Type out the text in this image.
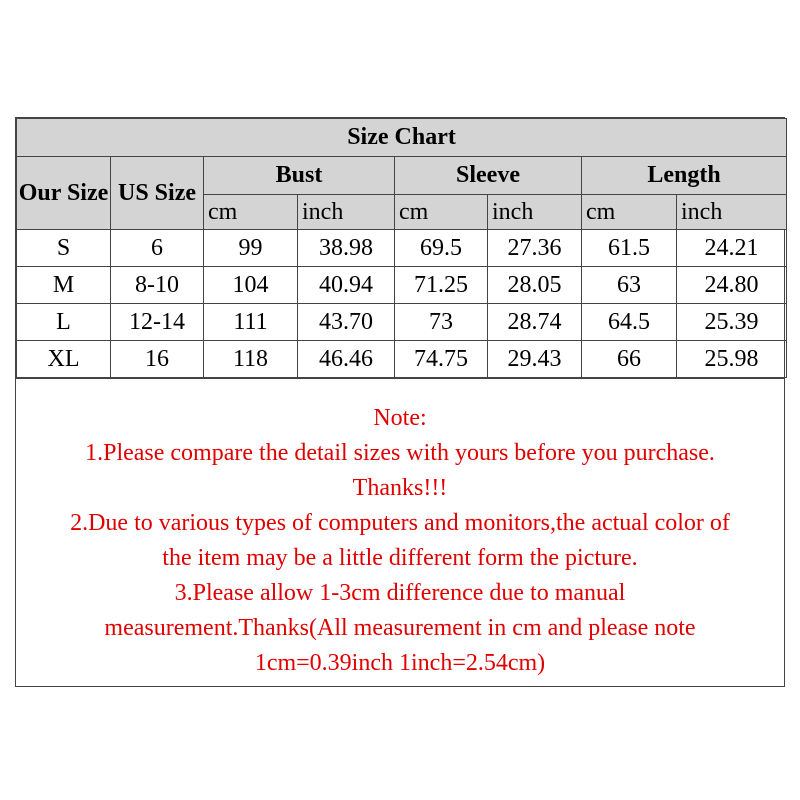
Size Chart							
Our Size	US Size	Bust		Sleeve		Length	
		cm	inch	cm	inch	cm	inch
S	6	99	38.98	69.5	27.36	61.5	24.21
M	8-10	104	40.94	71.25	28.05	63	24.80
L	12-14	111	43.70	73	28.74	64.5	25.39
XL	16	118	46.46	74.75	29.43	66	25.98

Note:

1.Please compare the detail sizes with yours before you purchase.

Thanks!!!

2.Due to various types of computers and monitors,the actual color of

the item may be a little different form the picture.

3.Please allow 1-3cm difference due to manual

measurement.Thanks(All measurement in cm and please note

1cm=0.39inch 1inch=2.54cm)
